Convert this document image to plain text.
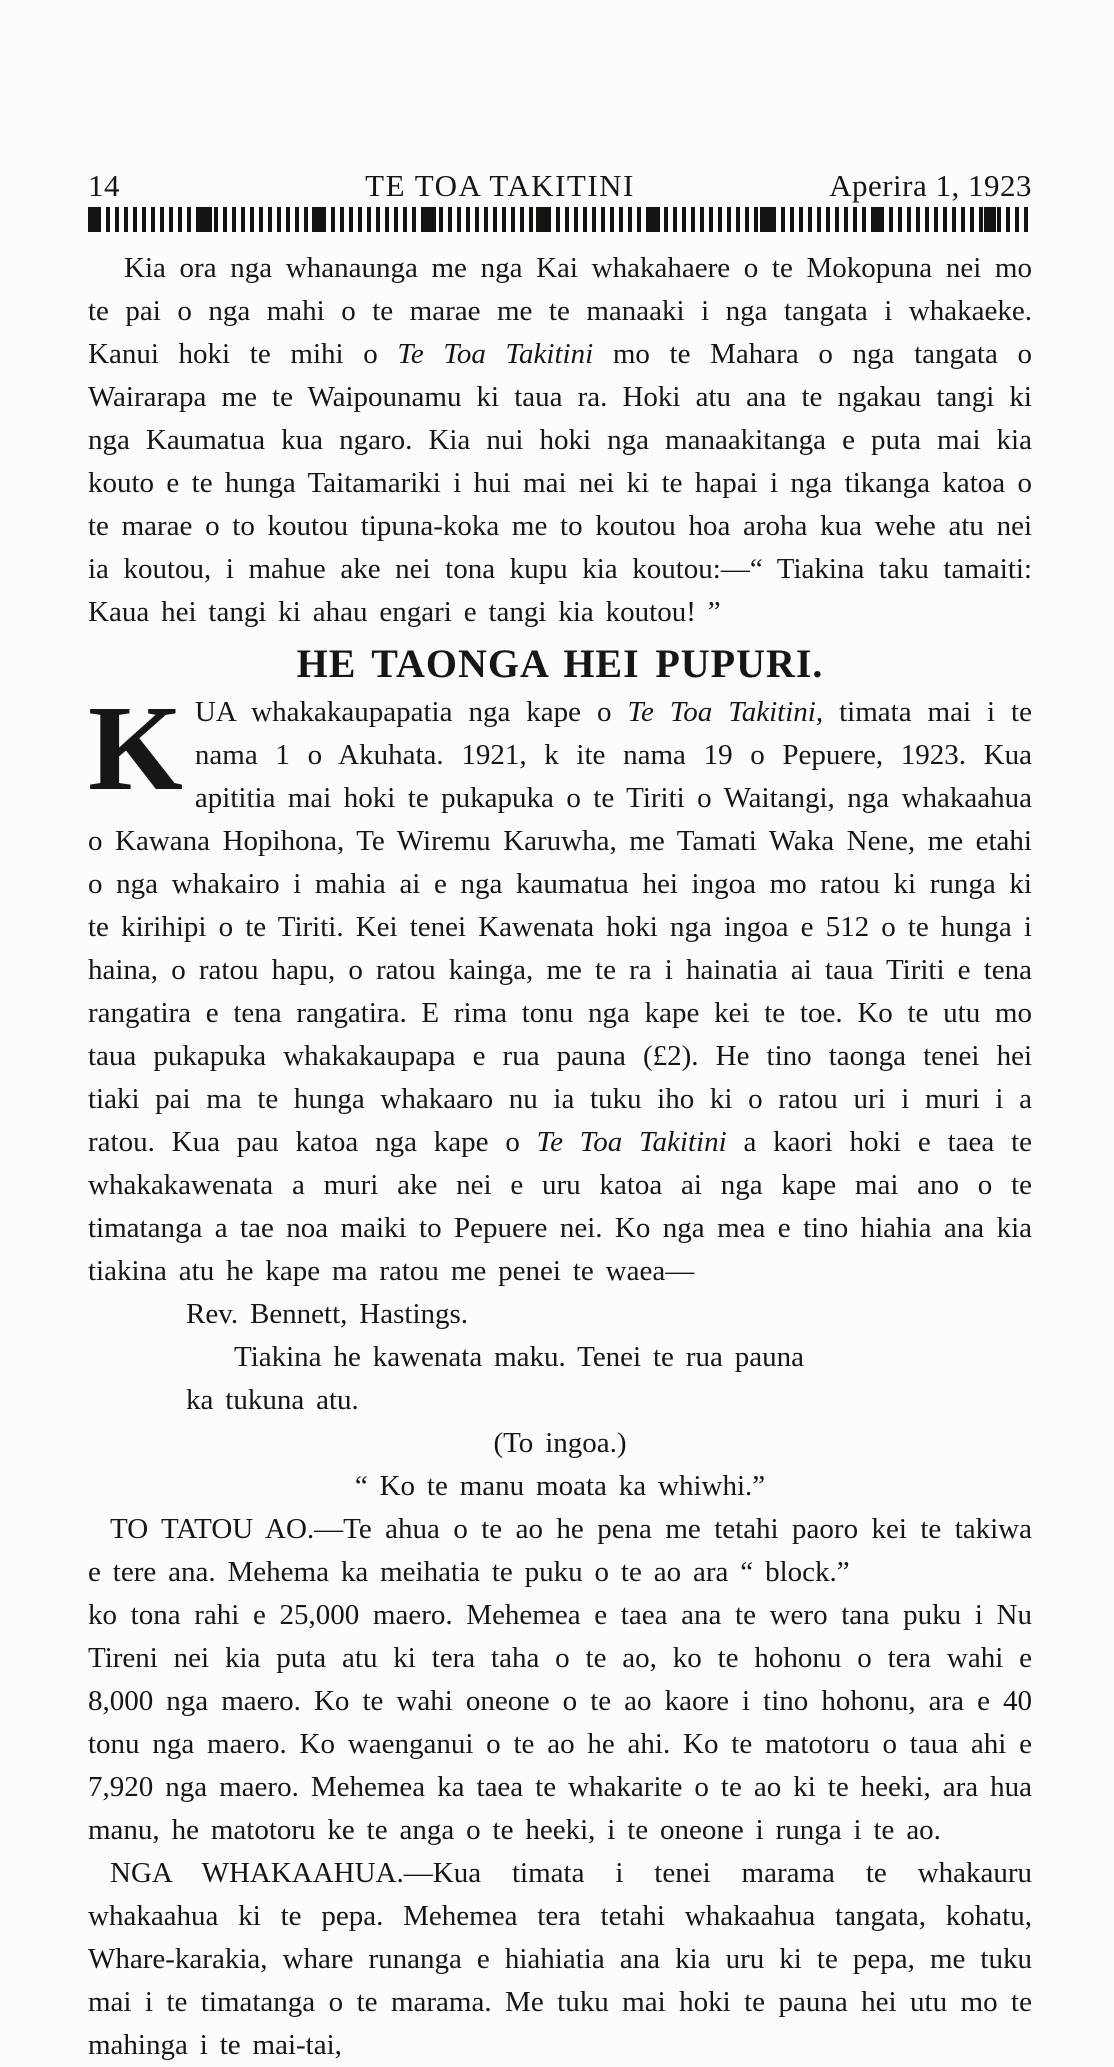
14	TE TOA TAKITINI	Aperira 1, 1923

Kia ora nga whanaunga me nga Kai whakahaere o te Mokopuna nei mo te pai o nga mahi o te marae me te manaaki i nga tangata i whakaeke. Kanui hoki te mihi o Te Toa Takitini mo te Mahara o nga tangata o Wairarapa me te Waipounamu ki taua ra. Hoki atu ana te ngakau tangi ki nga Kaumatua kua ngaro. Kia nui hoki nga manaakitanga e puta mai kia kouto e te hunga Taitamariki i hui mai nei ki te hapai i nga tikanga katoa o te marae o to koutou tipuna-koka me to koutou hoa aroha kua wehe atu nei ia koutou, i mahue ake nei tona kupu kia koutou:—“ Tiakina taku tamaiti: Kaua hei tangi ki ahau engari e tangi kia koutou! ”

HE TAONGA HEI PUPURI.

KUA whakakaupapatia nga kape o Te Toa Takitini, timata mai i te nama 1 o Akuhata. 1921, k ite nama 19 o Pepuere, 1923. Kua apititia mai hoki te pukapuka o te Tiriti o Waitangi, nga whakaahua o Kawana Hopihona, Te Wiremu Karuwha, me Tamati Waka Nene, me etahi o nga whakairo i mahia ai e nga kaumatua hei ingoa mo ratou ki runga ki te kirihipi o te Tiriti. Kei tenei Kawenata hoki nga ingoa e 512 o te hunga i haina, o ratou hapu, o ratou kainga, me te ra i hainatia ai taua Tiriti e tena rangatira e tena rangatira. E rima tonu nga kape kei te toe. Ko te utu mo taua pukapuka whakakaupapa e rua pauna (£2). He tino taonga tenei hei tiaki pai ma te hunga whakaaro nu ia tuku iho ki o ratou uri i muri i a ratou. Kua pau katoa nga kape o Te Toa Takitini a kaori hoki e taea te whakakawenata a muri ake nei e uru katoa ai nga kape mai ano o te timatanga a tae noa maiki to Pepuere nei. Ko nga mea e tino hiahia ana kia tiakina atu he kape ma ratou me penei te waea—

Rev. Bennett, Hastings.

Tiakina he kawenata maku. Tenei te rua pauna

ka tukuna atu.

(To ingoa.)

“ Ko te manu moata ka whiwhi.”

TO TATOU AO.—Te ahua o te ao he pena me tetahi paoro kei te takiwa e tere ana. Mehema ka meihatia te puku o te ao ara “ block.”

ko tona rahi e 25,000 maero. Mehemea e taea ana te wero tana puku i Nu Tireni nei kia puta atu ki tera taha o te ao, ko te hohonu o tera wahi e 8,000 nga maero. Ko te wahi oneone o te ao kaore i tino hohonu, ara e 40 tonu nga maero. Ko waenganui o te ao he ahi. Ko te matotoru o taua ahi e 7,920 nga maero. Mehemea ka taea te whakarite o te ao ki te heeki, ara hua manu, he matotoru ke te anga o te heeki, i te oneone i runga i te ao.

NGA WHAKAAHUA.—Kua timata i tenei marama te whakauru whakaahua ki te pepa. Mehemea tera tetahi whakaahua tangata, kohatu, Whare-karakia, whare runanga e hiahiatia ana kia uru ki te pepa, me tuku mai i te timatanga o te marama. Me tuku mai hoki te pauna hei utu mo te mahinga i te mai-tai,
